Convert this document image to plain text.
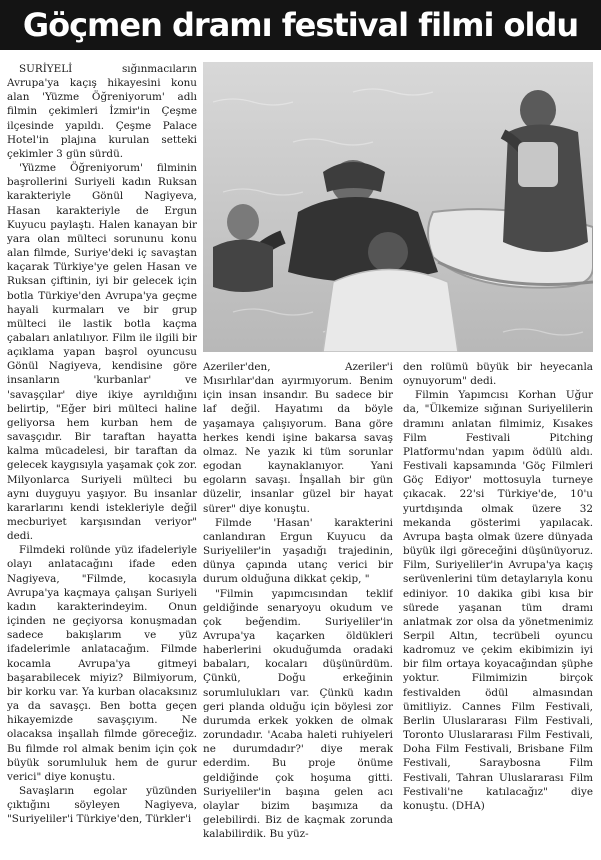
Göçmen dramı festival filmi oldu

SURİYELİ sığınmacıların Avrupa'ya kaçış hikayesini konu alan 'Yüzme Öğreniyorum' adlı filmin çekimleri İzmir'in Çeşme ilçesinde yapıldı. Çeşme Palace Hotel'in plajına kurulan setteki çekimler 3 gün sürdü.

'Yüzme Öğreniyorum' filminin başrollerini Suriyeli kadın Ruksan karakteriyle Gönül Nagiyeva, Hasan karakteriyle de Ergun Kuyucu paylaştı. Halen kanayan bir yara olan mülteci sorununu konu alan filmde, Suriye'deki iç savaştan kaçarak Türkiye'ye gelen Hasan ve Ruksan çiftinin, iyi bir gelecek için botla Türkiye'den Avrupa'ya geçme hayali kurmaları ve bir grup mülteci ile lastik botla kaçma çabaları anlatılıyor. Film ile ilgili bir açıklama yapan başrol oyuncusu Gönül Nagiyeva, kendisine göre insanların 'kurbanlar' ve 'savaşçılar' diye ikiye ayrıldığını belirtip, "Eğer biri mülteci haline geliyorsa hem kurban hem de savaşçıdır. Bir taraftan hayatta kalma mücadelesi, bir taraftan da gelecek kaygısıyla yaşamak çok zor. Milyonlarca Suriyeli mülteci bu aynı duyguyu yaşıyor. Bu insanlar kararlarını kendi istekleriyle değil mecburiyet karşısından veriyor" dedi.

Filmdeki rolünde yüz ifadeleriyle olayı anlatacağını ifade eden Nagiyeva, "Filmde, kocasıyla Avrupa'ya kaçmaya çalışan Suriyeli kadın karakterindeyim. Onun içinden ne geçiyorsa konuşmadan sadece bakışlarım ve yüz ifadelerimle anlatacağım. Filmde kocamla Avrupa'ya gitmeyi başarabilecek miyiz? Bilmiyorum, bir korku var. Ya kurban olacaksınız ya da savaşçı. Ben botta geçen hikayemizde savaşçıyım. Ne olacaksa inşallah filmde göreceğiz. Bu filmde rol almak benim için çok büyük sorumluluk hem de gurur verici" diye konuştu.

Savaşların egolar yüzünden çıktığını söyleyen Nagiyeva, "Suriyeliler'i Türkiye'den, Türkler'i

Azeriler'den, Azeriler'i Mısırlılar'dan ayırmıyorum. Benim için insan insandır. Bu sadece bir laf değil. Hayatımı da böyle yaşamaya çalışıyorum. Bana göre herkes kendi işine bakarsa savaş olmaz. Ne yazık ki tüm sorunlar egodan kaynaklanıyor. Yani egoların savaşı. İnşallah bir gün düzelir, insanlar güzel bir hayat sürer" diye konuştu.

Filmde 'Hasan' karakterini canlandıran Ergun Kuyucu da Suriyeliler'in yaşadığı trajedinin, dünya çapında utanç verici bir durum olduğuna dikkat çekip, "

"Filmin yapımcısından teklif geldiğinde senaryoyu okudum ve çok beğendim. Suriyeliler'in Avrupa'ya kaçarken öldükleri haberlerini okuduğumda oradaki babaları, kocaları düşünürdüm. Çünkü, Doğu erkeğinin sorumlulukları var. Çünkü kadın geri planda olduğu için böylesi zor durumda erkek yokken de olmak zorundadır. 'Acaba haleti ruhiyeleri ne durumdadır?' diye merak ederdim. Bu proje önüme geldiğinde çok hoşuma gitti. Suriyeliler'in başına gelen acı olaylar bizim başımıza da gelebilirdi. Biz de kaçmak zorunda kalabilirdik. Bu yüz-

den rolümü büyük bir heyecanla oynuyorum" dedi.

Filmin Yapımcısı Korhan Uğur da, "Ülkemize sığınan Suriyelilerin dramını anlatan filmimiz, Kısakes Film Festivali Pitching Platformu'ndan yapım ödülü aldı. Festivali kapsamında 'Göç Filmleri Göç Ediyor' mottosuyla turneye çıkacak. 22'si Türkiye'de, 10'u yurtdışında olmak üzere 32 mekanda gösterimi yapılacak. Avrupa başta olmak üzere dünyada büyük ilgi göreceğini düşünüyoruz. Film, Suriyeliler'in Avrupa'ya kaçış serüvenlerini tüm detaylarıyla konu ediniyor. 10 dakika gibi kısa bir sürede yaşanan tüm dramı anlatmak zor olsa da yönetmenimiz Serpil Altın, tecrübeli oyuncu kadromuz ve çekim ekibimizin iyi bir film ortaya koyacağından şüphe yoktur. Filmimizin birçok festivalden ödül almasından ümitliyiz. Cannes Film Festivali, Berlin Uluslararası Film Festivali, Toronto Uluslararası Film Festivali, Doha Film Festivali, Brisbane Film Festivali, Saraybosna Film Festivali, Tahran Uluslararası Film Festivali'ne katılacağız" diye konuştu. (DHA)
